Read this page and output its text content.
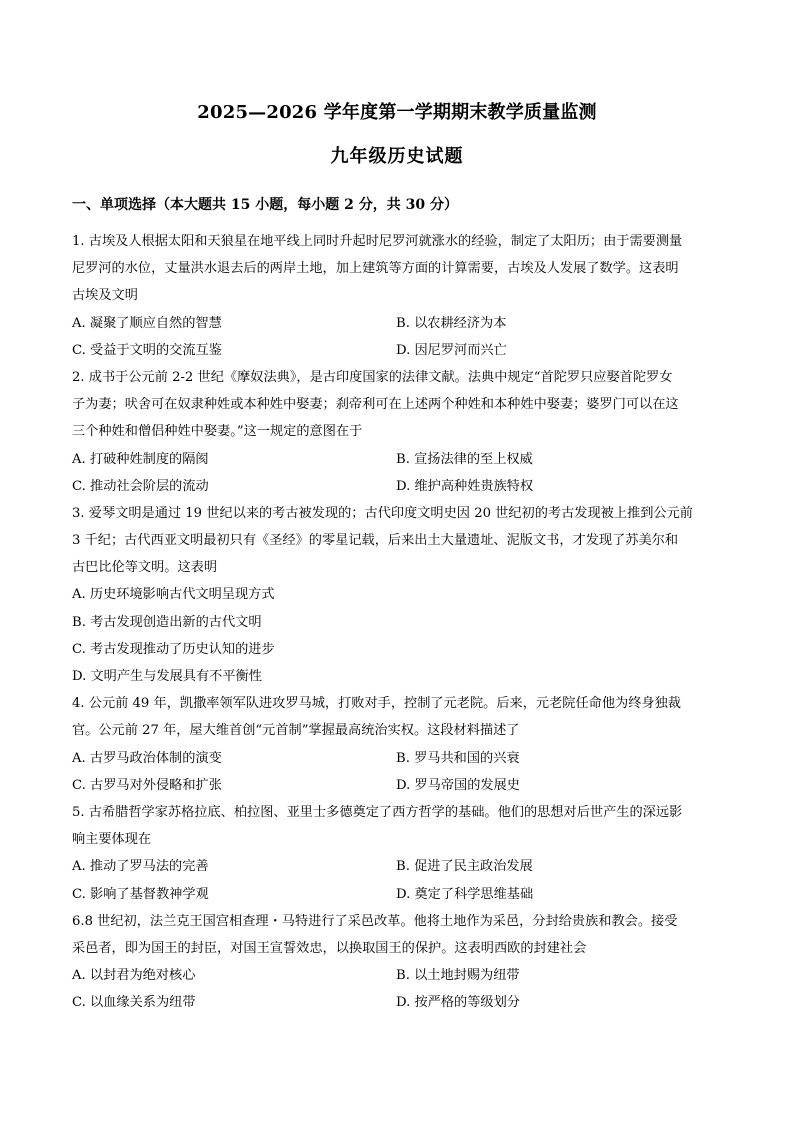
2025—2026 学年度第一学期期末教学质量监测
九年级历史试题
一、单项选择（本大题共 15 小题，每小题 2 分，共 30 分）
1. 古埃及人根据太阳和天狼星在地平线上同时升起时尼罗河就涨水的经验，制定了太阳历；由于需要测量
尼罗河的水位，丈量洪水退去后的两岸土地，加上建筑等方面的计算需要，古埃及人发展了数学。这表明
古埃及文明
A. 凝聚了顺应自然的智慧	B. 以农耕经济为本
C. 受益于文明的交流互鉴	D. 因尼罗河而兴亡
2. 成书于公元前 2-2 世纪《摩奴法典》，是古印度国家的法律文献。法典中规定“首陀罗只应娶首陀罗女
子为妻；吠舍可在奴隶种姓或本种姓中娶妻；刹帝利可在上述两个种姓和本种姓中娶妻；婆罗门可以在这
三个种姓和僧侣种姓中娶妻。”这一规定的意图在于
A. 打破种姓制度的隔阂	B. 宣扬法律的至上权威
C. 推动社会阶层的流动	D. 维护高种姓贵族特权
3. 爱琴文明是通过 19 世纪以来的考古被发现的；古代印度文明史因 20 世纪初的考古发现被上推到公元前
3 千纪；古代西亚文明最初只有《圣经》的零星记载，后来出土大量遗址、泥版文书，才发现了苏美尔和
古巴比伦等文明。这表明
A. 历史环境影响古代文明呈现方式
B. 考古发现创造出新的古代文明
C. 考古发现推动了历史认知的进步
D. 文明产生与发展具有不平衡性
4. 公元前 49 年，凯撒率领军队进攻罗马城，打败对手，控制了元老院。后来，元老院任命他为终身独裁
官。公元前 27 年，屋大维首创“元首制”掌握最高统治实权。这段材料描述了
A. 古罗马政治体制的演变	B. 罗马共和国的兴衰
C. 古罗马对外侵略和扩张	D. 罗马帝国的发展史
5. 古希腊哲学家苏格拉底、柏拉图、亚里士多德奠定了西方哲学的基础。他们的思想对后世产生的深远影
响主要体现在
A. 推动了罗马法的完善	B. 促进了民主政治发展
C. 影响了基督教神学观	D. 奠定了科学思维基础
6.8 世纪初，法兰克王国宫相查理・马特进行了采邑改革。他将土地作为采邑，分封给贵族和教会。接受
采邑者，即为国王的封臣，对国王宣誓效忠，以换取国王的保护。这表明西欧的封建社会
A. 以封君为绝对核心	B. 以土地封赐为纽带
C. 以血缘关系为纽带	D. 按严格的等级划分
